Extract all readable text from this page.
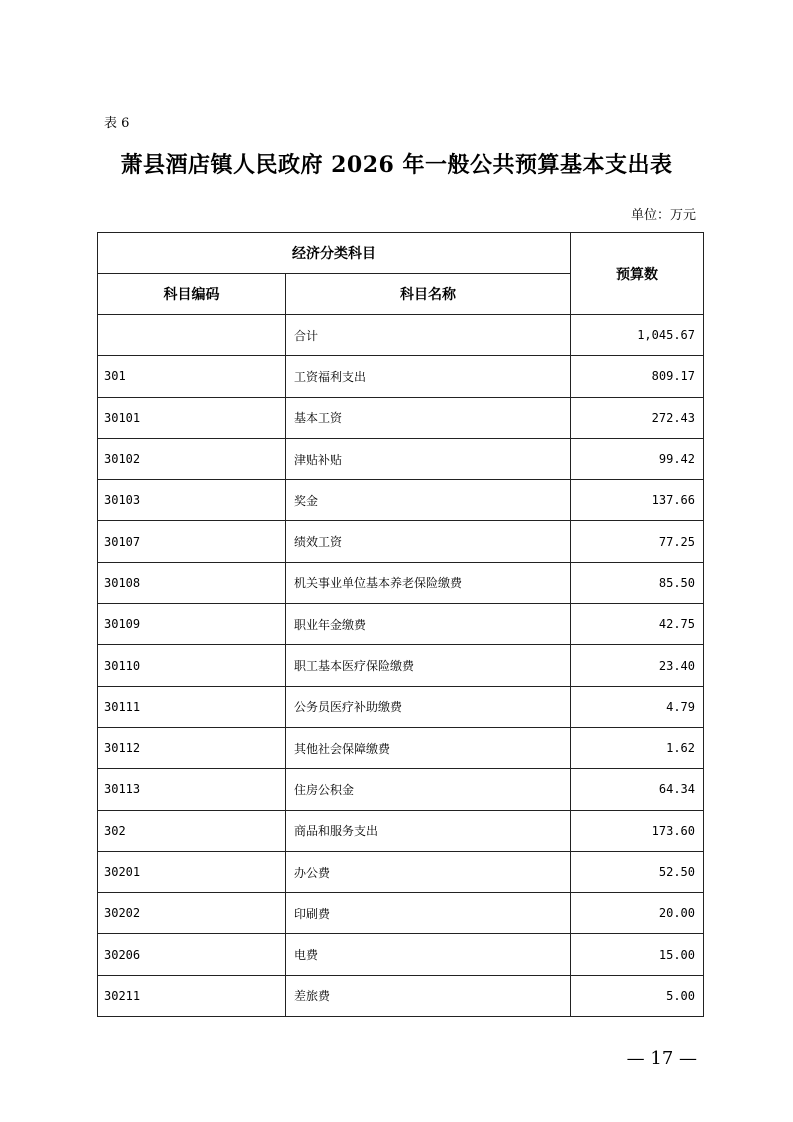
表 6
萧县酒店镇人民政府 2026 年一般公共预算基本支出表
单位：万元
经济分类科目		预算数
科目编码	科目名称	
	合计	1,045.67
301	工资福利支出	809.17
30101	基本工资	272.43
30102	津贴补贴	99.42
30103	奖金	137.66
30107	绩效工资	77.25
30108	机关事业单位基本养老保险缴费	85.50
30109	职业年金缴费	42.75
30110	职工基本医疗保险缴费	23.40
30111	公务员医疗补助缴费	4.79
30112	其他社会保障缴费	1.62
30113	住房公积金	64.34
302	商品和服务支出	173.60
30201	办公费	52.50
30202	印刷费	20.00
30206	电费	15.00
30211	差旅费	5.00
— 17 —
